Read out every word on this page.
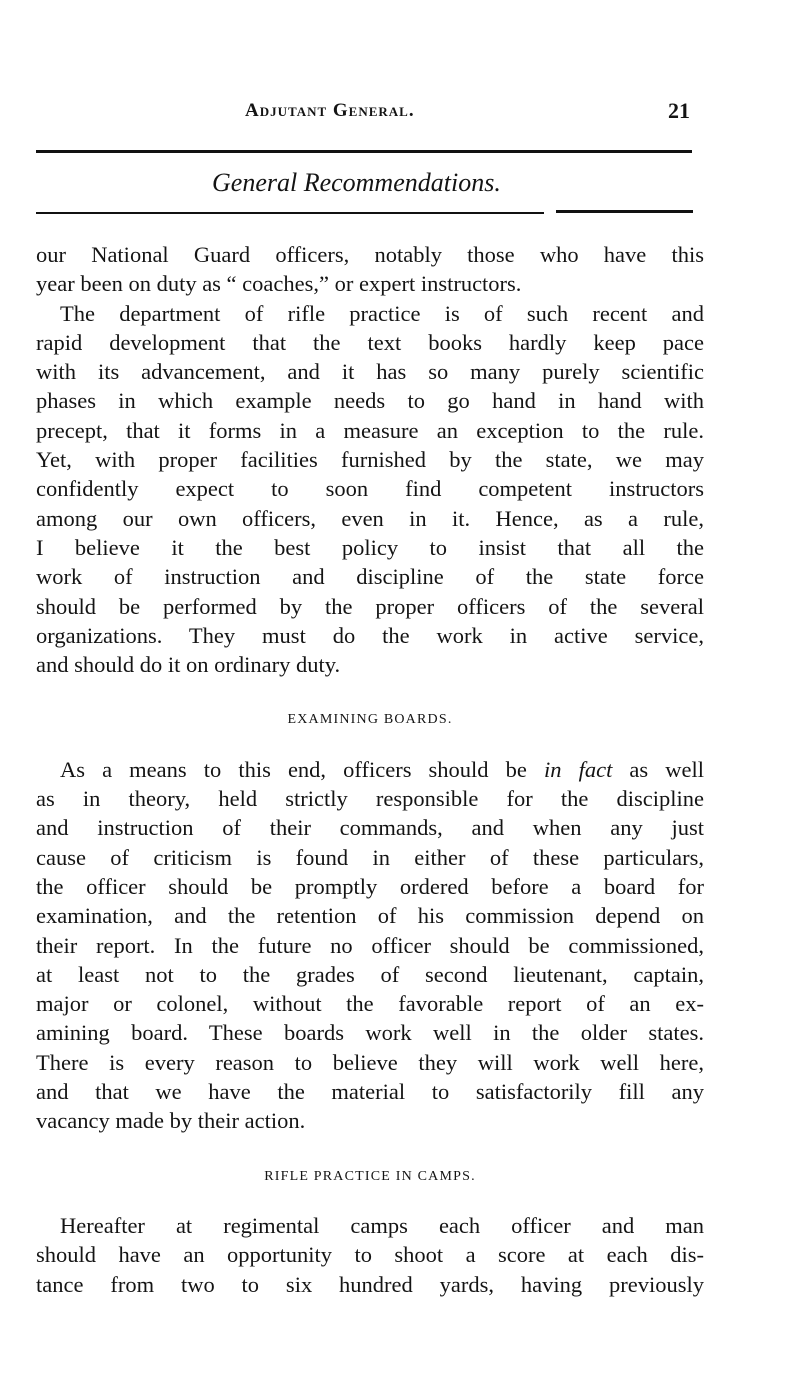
Adjutant General.	21
General Recommendations.

our National Guard officers, notably those who have this
year been on duty as “ coaches,” or expert instructors.

The department of rifle practice is of such recent and

rapid development that the text books hardly keep pace
with its advancement, and it has so many purely scientific
phases in which example needs to go hand in hand with
precept, that it forms in a measure an exception to the rule.
Yet, with proper facilities furnished by the state, we may
confidently expect to soon find competent instructors
among our own officers, even in it. Hence, as a rule,
I believe it the best policy to insist that all the
work of instruction and discipline of the state force
should be performed by the proper officers of the several
organizations. They must do the work in active service,
and should do it on ordinary duty.

EXAMINING BOARDS.

As a means to this end, officers should be in fact as well
as in theory, held strictly responsible for the discipline
and instruction of their commands, and when any just
cause of criticism is found in either of these particulars,
the officer should be promptly ordered before a board for
examination, and the retention of his commission depend on
their report. In the future no officer should be commissioned,
at least not to the grades of second lieutenant, captain,
major or colonel, without the favorable report of an ex-
amining board. These boards work well in the older states.
There is every reason to believe they will work well here,
and that we have the material to satisfactorily fill any
vacancy made by their action.

RIFLE PRACTICE IN CAMPS.

Hereafter at regimental camps each officer and man
should have an opportunity to shoot a score at each dis-
tance from two to six hundred yards, having previously
